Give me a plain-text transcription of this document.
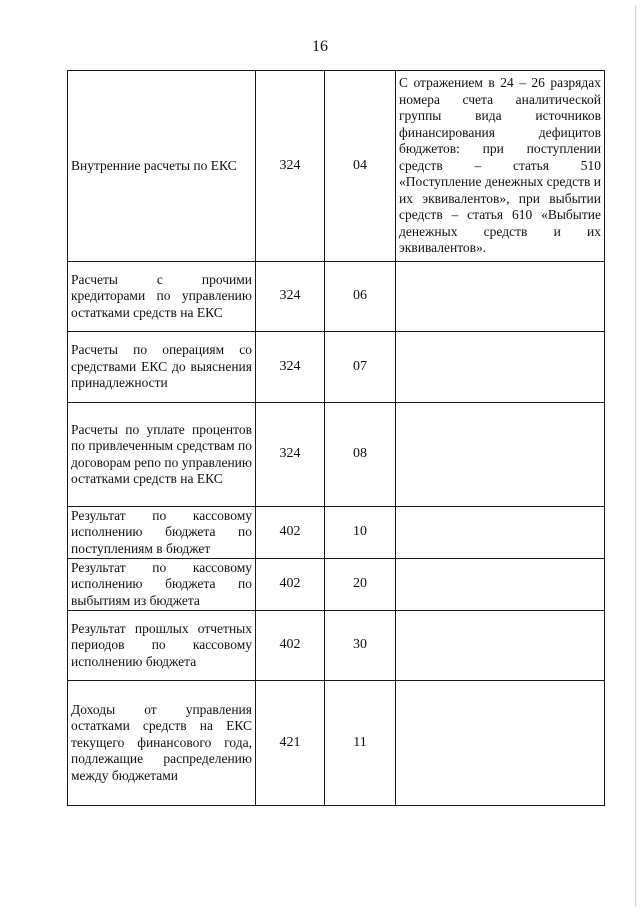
16
Внутренние расчеты по ЕКС	324	04	С отражением в 24 – 26 разрядах номера счета аналитической группы вида источников финансирования дефицитов бюджетов: при поступлении средств – статья 510 «Поступление денежных средств и их эквивалентов», при выбытии средств – статья 610 «Выбытие денежных средств и их эквивалентов».

Расчеты с прочими кредиторами по управлению остатками средств на ЕКС	324	06	

Расчеты по операциям со средствами ЕКС до выяснения принадлежности	324	07	

Расчеты по уплате процентов по привлеченным средствам по договорам репо по управлению остатками средств на ЕКС	324	08	

Результат по кассовому исполнению бюджета по поступлениям в бюджет	402	10	

Результат по кассовому исполнению бюджета по выбытиям из бюджета	402	20	

Результат прошлых отчетных периодов по кассовому исполнению бюджета	402	30	

Доходы от управления остатками средств на ЕКС текущего финансового года, подлежащие распределению между бюджетами	421	11	
